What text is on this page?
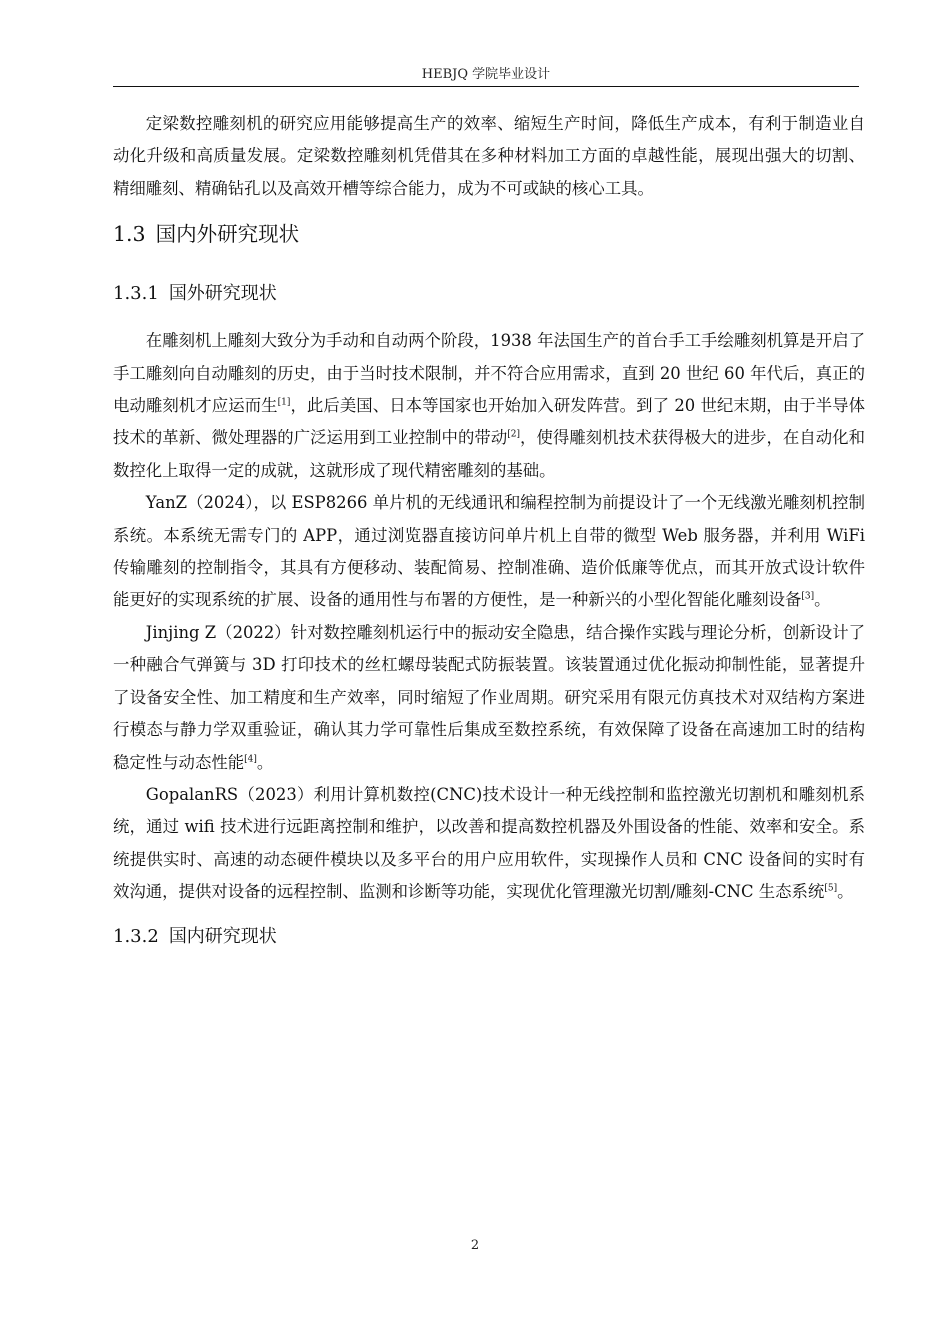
HEBJQ 学院毕业设计

定梁数控雕刻机的研究应用能够提高生产的效率、缩短生产时间，降低生产成本，有利于制造业自动化升级和高质量发展。定梁数控雕刻机凭借其在多种材料加工方面的卓越性能，展现出强大的切割、精细雕刻、精确钻孔以及高效开槽等综合能力，成为不可或缺的核心工具。

1.3 国内外研究现状
1.3.1 国外研究现状

在雕刻机上雕刻大致分为手动和自动两个阶段，1938 年法国生产的首台手工手绘雕刻机算是开启了手工雕刻向自动雕刻的历史，由于当时技术限制，并不符合应用需求，直到 20 世纪 60 年代后，真正的电动雕刻机才应运而生[1]，此后美国、日本等国家也开始加入研发阵营。到了 20 世纪末期，由于半导体技术的革新、微处理器的广泛运用到工业控制中的带动[2]，使得雕刻机技术获得极大的进步，在自动化和数控化上取得一定的成就，这就形成了现代精密雕刻的基础。

YanZ（2024），以 ESP8266 单片机的无线通讯和编程控制为前提设计了一个无线激光雕刻机控制系统。本系统无需专门的 APP，通过浏览器直接访问单片机上自带的微型 Web 服务器，并利用 WiFi 传输雕刻的控制指令，其具有方便移动、装配简易、控制准确、造价低廉等优点，而其开放式设计软件能更好的实现系统的扩展、设备的通用性与布署的方便性，是一种新兴的小型化智能化雕刻设备[3]。

Jinjing Z（2022）针对数控雕刻机运行中的振动安全隐患，结合操作实践与理论分析，创新设计了一种融合气弹簧与 3D 打印技术的丝杠螺母装配式防振装置。该装置通过优化振动抑制性能，显著提升了设备安全性、加工精度和生产效率，同时缩短了作业周期。研究采用有限元仿真技术对双结构方案进行模态与静力学双重验证，确认其力学可靠性后集成至数控系统，有效保障了设备在高速加工时的结构稳定性与动态性能[4]。

GopalanRS（2023）利用计算机数控(CNC)技术设计一种无线控制和监控激光切割机和雕刻机系统，通过 wifi 技术进行远距离控制和维护，以改善和提高数控机器及外围设备的性能、效率和安全。系统提供实时、高速的动态硬件模块以及多平台的用户应用软件，实现操作人员和 CNC 设备间的实时有效沟通，提供对设备的远程控制、监测和诊断等功能，实现优化管理激光切割/雕刻-CNC 生态系统[5]。

1.3.2 国内研究现状
2
